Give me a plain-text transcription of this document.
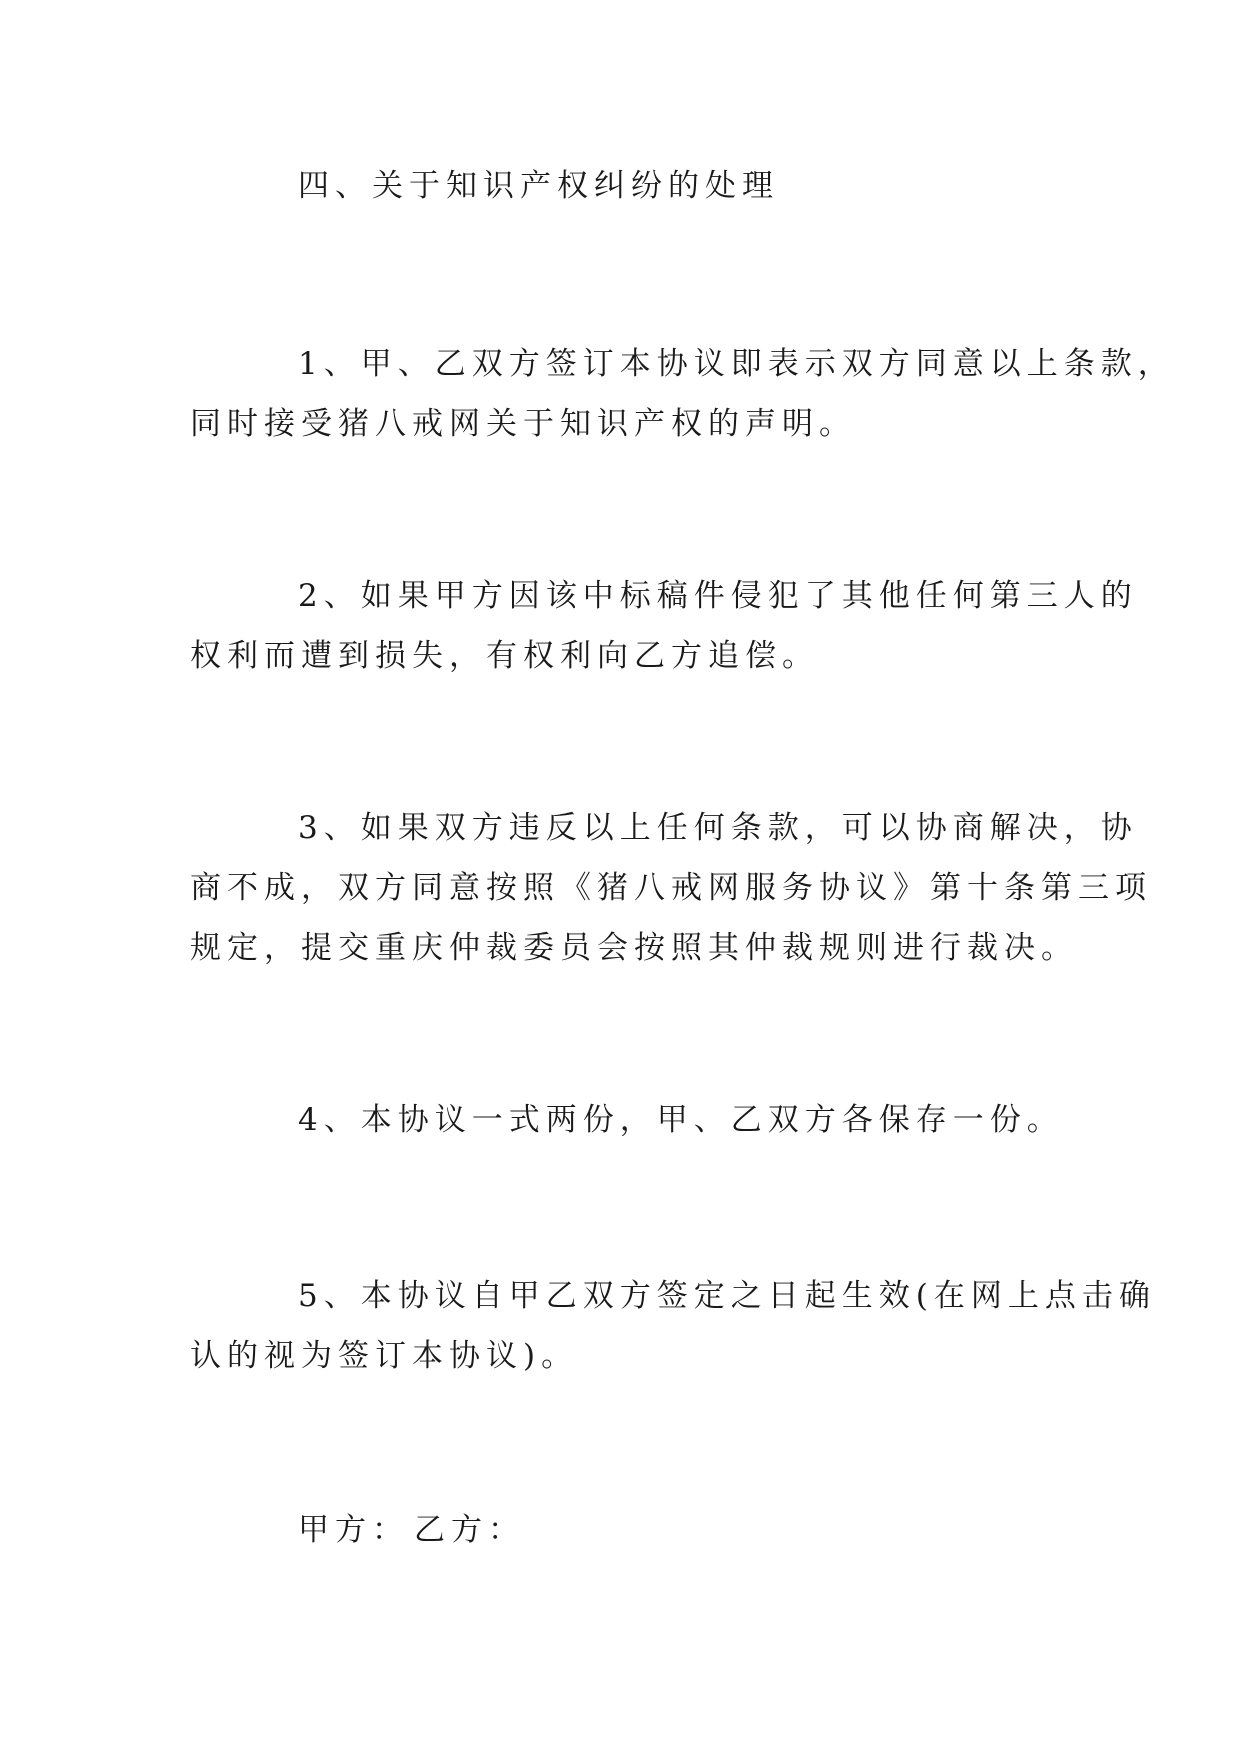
四、关于知识产权纠纷的处理
1、甲、乙双方签订本协议即表示双方同意以上条款，
同时接受猪八戒网关于知识产权的声明。
2、如果甲方因该中标稿件侵犯了其他任何第三人的
权利而遭到损失，有权利向乙方追偿。
3、如果双方违反以上任何条款，可以协商解决，协
商不成，双方同意按照《猪八戒网服务协议》第十条第三项
规定，提交重庆仲裁委员会按照其仲裁规则进行裁决。
4、本协议一式两份，甲、乙双方各保存一份。
5、本协议自甲乙双方签定之日起生效(在网上点击确
认的视为签订本协议)。
甲方： 乙方：
